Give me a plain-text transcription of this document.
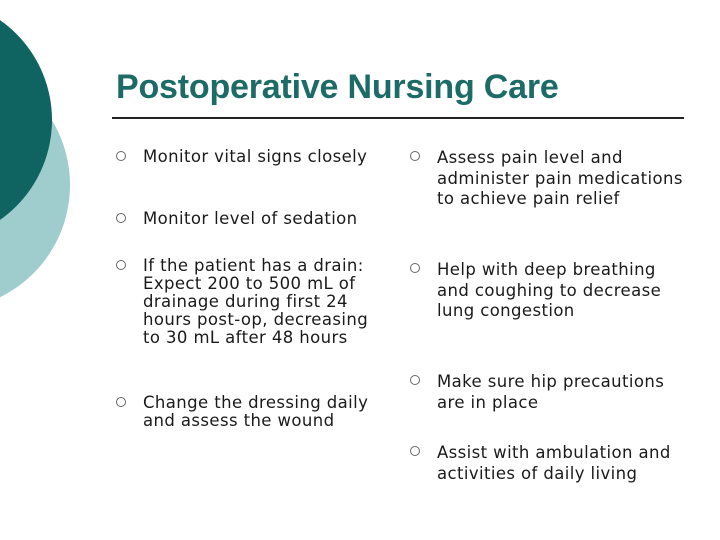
Postoperative Nursing Care
Monitor vital signs closely
Monitor level of sedation
If the patient has a drain: Expect 200 to 500 mL of drainage during first 24 hours post-op, decreasing to 30 mL after 48 hours
Change the dressing daily and assess the wound
Assess pain level and administer pain medications to achieve pain relief
Help with deep breathing and coughing to decrease lung congestion
Make sure hip precautions are in place
Assist with ambulation and activities of daily living
